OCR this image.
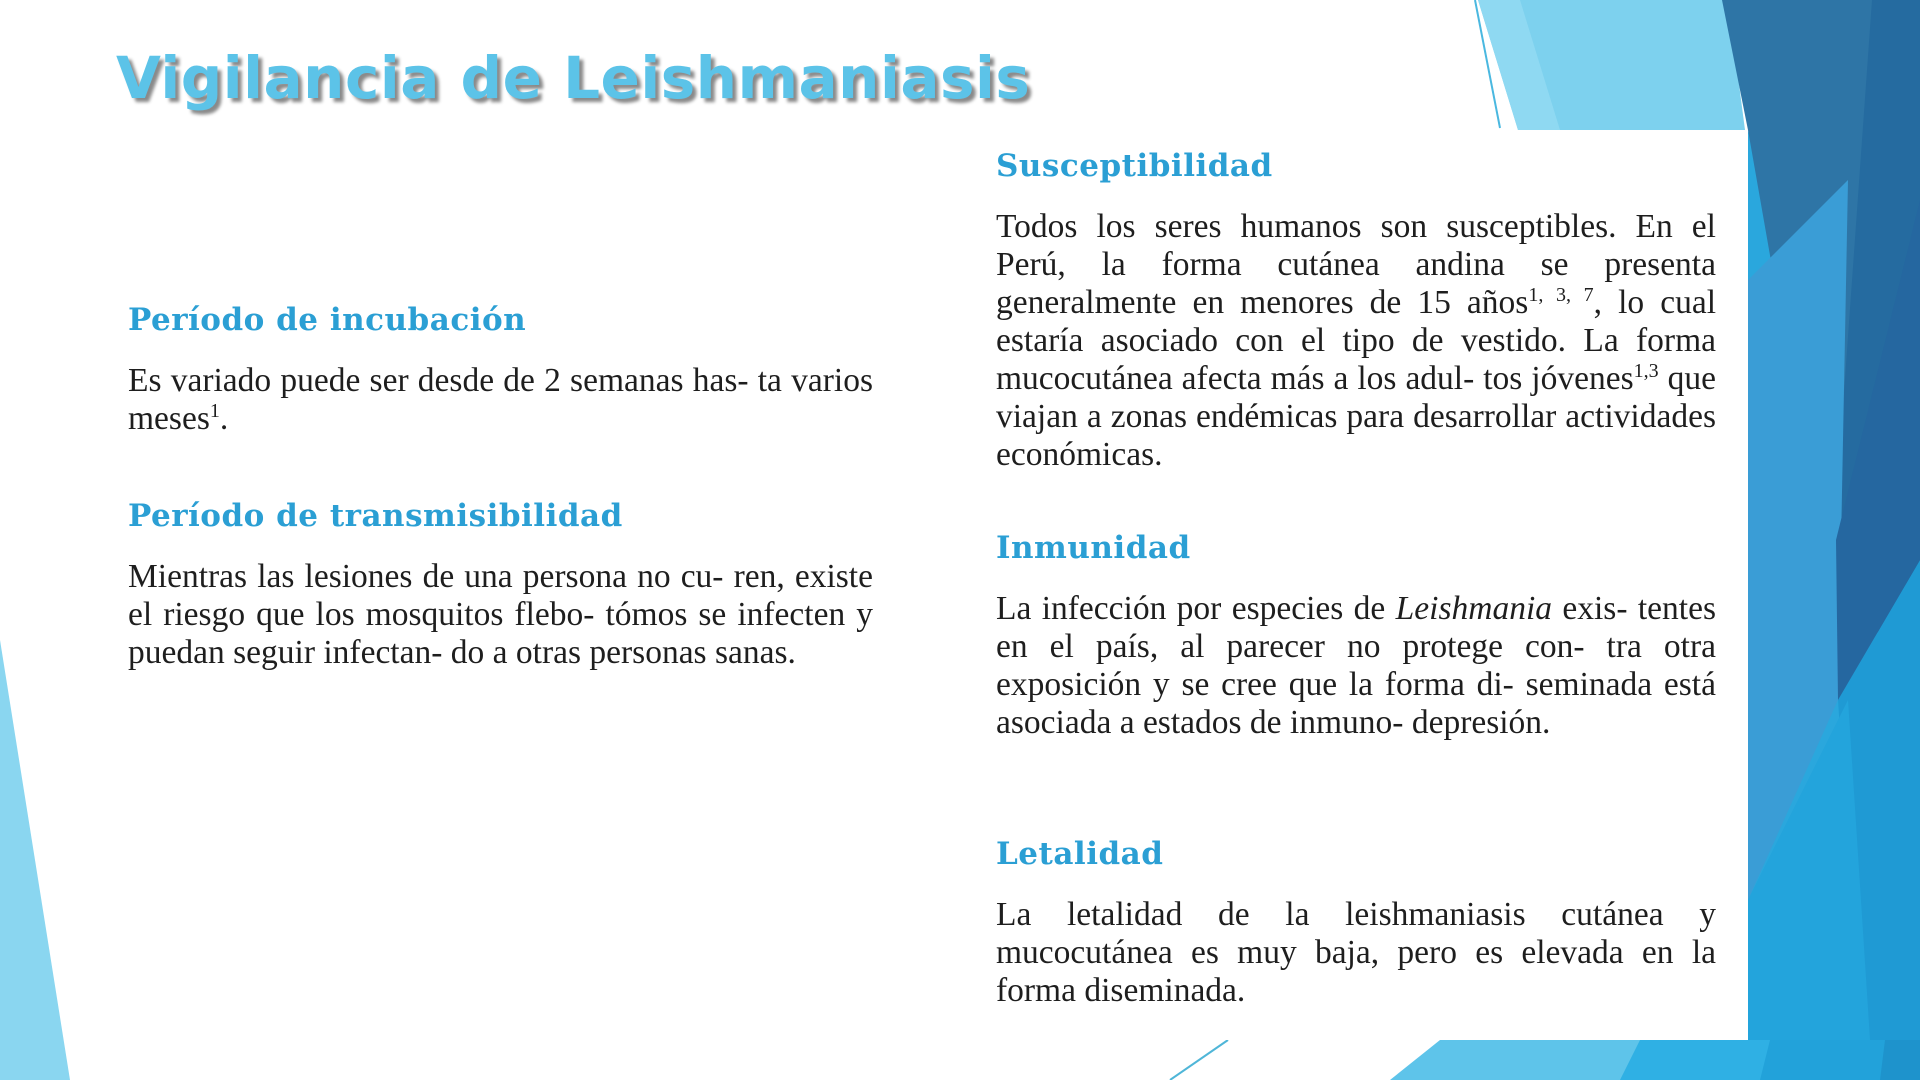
Vigilancia de Leishmaniasis
Período de incubación

Es variado puede ser desde de 2 semanas has- ta varios meses$^1$.

Período de transmisibilidad

Mientras las lesiones de una persona no cu- ren, existe el riesgo que los mosquitos flebo- tómos se infecten y puedan seguir infectan- do a otras personas sanas.

Susceptibilidad

Todos los seres humanos son susceptibles. En el Perú, la forma cutánea andina se presenta generalmente en menores de 15 años$^{1, 3, 7}$, lo cual estaría asociado con el tipo de vestido. La forma mucocutánea afecta más a los adul- tos jóvenes$^{1,3}$ que viajan a zonas endémicas para desarrollar actividades económicas.

Inmunidad

La infección por especies de Leishmania exis- tentes en el país, al parecer no protege con- tra otra exposición y se cree que la forma di- seminada está asociada a estados de inmuno- depresión.

Letalidad

La letalidad de la leishmaniasis cutánea y mucocutánea es muy baja, pero es elevada en la forma diseminada.
